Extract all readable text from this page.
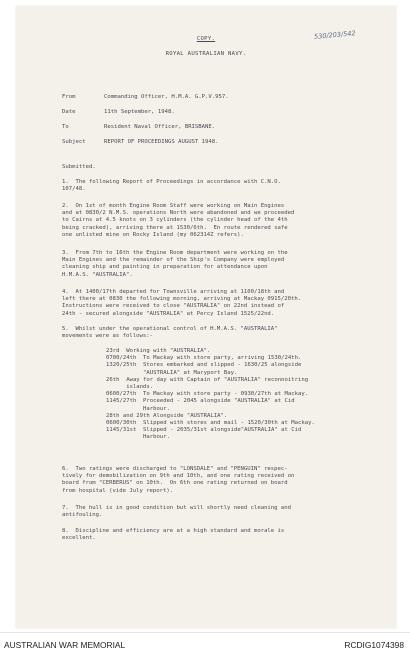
530/203/542
COPY.
ROYAL AUSTRALIAN NAVY.
From	Commanding Officer, H.M.A. G.P.V.957.
Date	11th September, 1948.
To	Resident Naval Officer, BRISBANE.
Subject	REPORT OF PROCEEDINGS AUGUST 1948.
Submitted.
1.  The following Report of Proceedings in accordance with C.N.O.
107/48.
2.  On 1st of month Engine Room Staff were working on Main Engines
and at 0830/2 N.M.S. operations North were abandoned and we proceeded
to Cairns at 4.5 knots on 3 cylinders (the cylinder head of the 4th
being cracked), arriving there at 1530/6th.  En route rendered safe
one unlisted mine on Rocky Island (my 062314Z refers).
3.  From 7th to 16th the Engine Room department were working on the
Main Engines and the remainder of the Ship's Company were employed
cleaning ship and painting in preparation for attendance upon
H.M.A.S. "AUSTRALIA".
4.  At 1400/17th departed for Townsville arriving at 1100/18th and
left there at 0830 the following morning, arriving at Mackay 0915/20th.
Instructions were received to close "AUSTRALIA" on 22nd instead of
24th - secured alongside "AUSTRALIA" at Percy Island 1525/22nd.
5.  Whilst under the operational control of H.M.A.S. "AUSTRALIA"
movements were as follows:-
23rd  Working with "AUSTRALIA".
0700/24th  To Mackay with store party, arriving 1530/24th.
1320/25th  Stores embarked and slipped - 1630/25 alongside
"AUSTRALIA" at Maryport Bay.
26th  Away for day with Captain of "AUSTRALIA" reconnoitring
islands.
0600/27th  To Mackay with store party - 0930/27th at Mackay.
1145/27th  Proceeded - 2045 alongside "AUSTRALIA" at Cid
Harbour.
28th and 29th Alongside "AUSTRALIA".
0600/30th  Slipped with stores and mail - 1520/30th at Mackay.
1145/31st  Slipped - 2035/31st alongside"AUSTRALIA" at Cid
Harbour.
6.  Two ratings were discharged to "LONSDALE" and "PENGUIN" respec-
tively for demobilization on 9th and 10th, and one rating received on
board from "CERBERUS" on 10th.  On 6th one rating returned on board
from hospital (vide July report).
7.  The hull is in good condition but will shortly need cleaning and
antifouling.
8.  Discipline and efficiency are at a high standard and morale is
excellent.
AUSTRALIAN WAR MEMORIAL	RCDIG1074398
